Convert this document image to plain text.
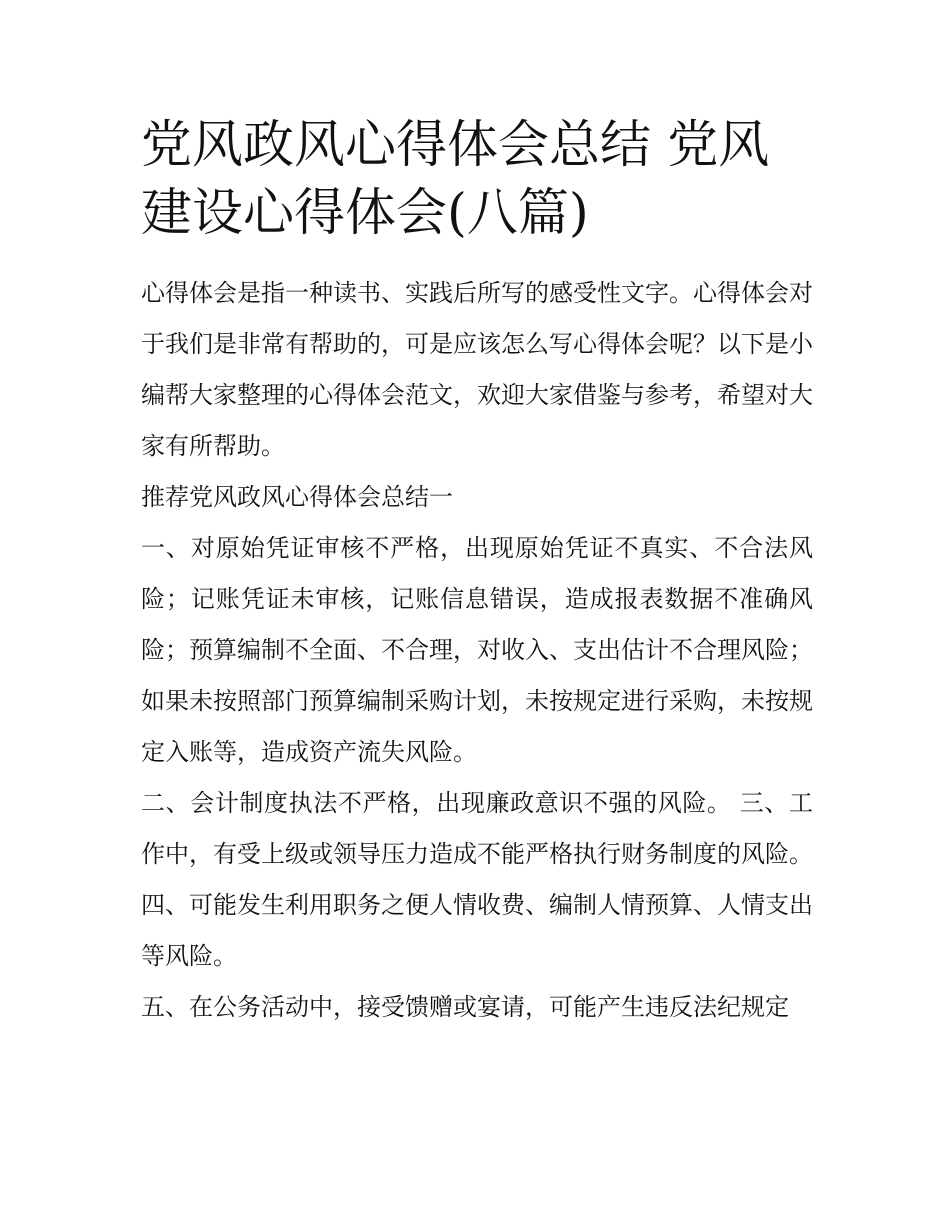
党风政风心得体会总结 党风建设心得体会(八篇)

心得体会是指一种读书、实践后所写的感受性文字。心得体会对于我们是非常有帮助的，可是应该怎么写心得体会呢？以下是小编帮大家整理的心得体会范文，欢迎大家借鉴与参考，希望对大家有所帮助。

推荐党风政风心得体会总结一

一、对原始凭证审核不严格，出现原始凭证不真实、不合法风险；记账凭证未审核，记账信息错误，造成报表数据不准确风险；预算编制不全面、不合理，对收入、支出估计不合理风险；如果未按照部门预算编制采购计划，未按规定进行采购，未按规定入账等，造成资产流失风险。

二、会计制度执法不严格，出现廉政意识不强的风险。 三、工作中，有受上级或领导压力造成不能严格执行财务制度的风险。

四、可能发生利用职务之便人情收费、编制人情预算、人情支出等风险。

五、在公务活动中，接受馈赠或宴请，可能产生违反法纪规定
